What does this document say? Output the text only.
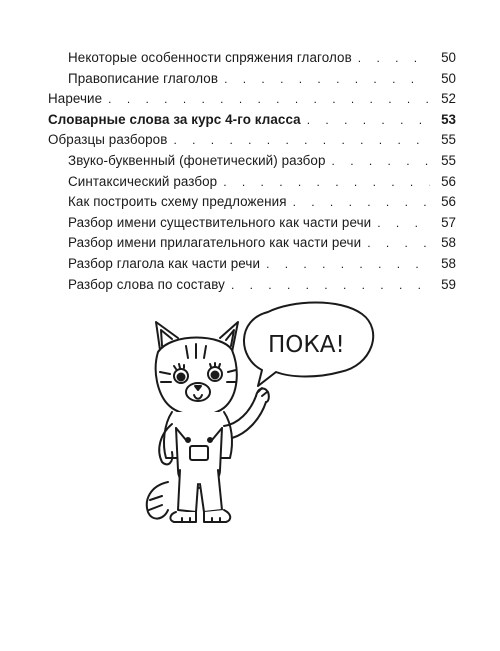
Некоторые особенности спряжения глаголов . . .	50
Правописание глаголов . . .	50
Наречие . . .	52
Словарные слова за курс 4-го класса . . .	53
Образцы разборов . . .	55
Звуко-буквенный (фонетический) разбор . . .	55
Синтаксический разбор . . .	56
Как построить схему предложения . . .	56
Разбор имени существительного как части речи . . .	57
Разбор имени прилагательного как части речи . . .	58
Разбор глагола как части речи . . .	58
Разбор слова по составу . . .	59
ПОКА!
